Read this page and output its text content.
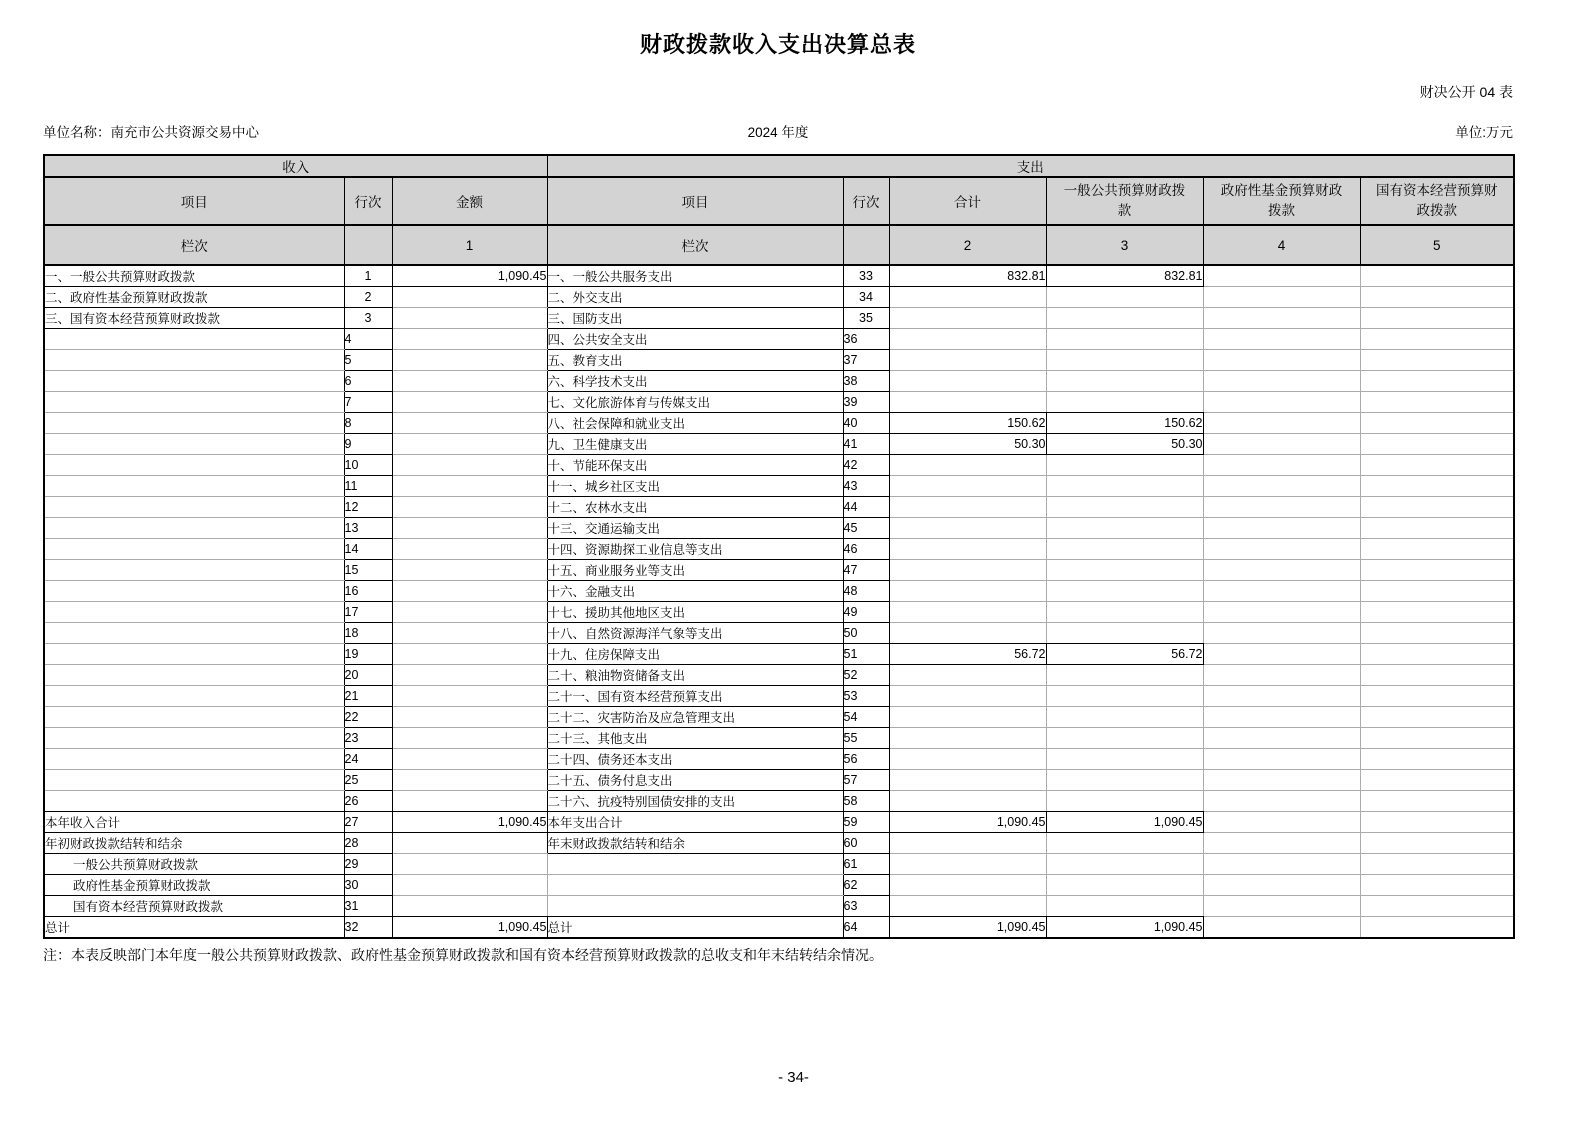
财政拨款收入支出决算总表
财决公开 04 表
单位名称：南充市公共资源交易中心	2024 年度	单位:万元
收入			支出					
项目	行次	金额	项目	行次	合计	一般公共预算财政拨款	政府性基金预算财政拨款	国有资本经营预算财政拨款
栏次		1	栏次		2	3	4	5
一、一般公共预算财政拨款	1	1,090.45	一、一般公共服务支出	33	832.81	832.81		
二、政府性基金预算财政拨款	2		二、外交支出	34				
三、国有资本经营预算财政拨款	3		三、国防支出	35				
	4		四、公共安全支出	36				
	5		五、教育支出	37				
	6		六、科学技术支出	38				
	7		七、文化旅游体育与传媒支出	39				
	8		八、社会保障和就业支出	40	150.62	150.62		
	9		九、卫生健康支出	41	50.30	50.30		
	10		十、节能环保支出	42				
	11		十一、城乡社区支出	43				
	12		十二、农林水支出	44				
	13		十三、交通运输支出	45				
	14		十四、资源勘探工业信息等支出	46				
	15		十五、商业服务业等支出	47				
	16		十六、金融支出	48				
	17		十七、援助其他地区支出	49				
	18		十八、自然资源海洋气象等支出	50				
	19		十九、住房保障支出	51	56.72	56.72		
	20		二十、粮油物资储备支出	52				
	21		二十一、国有资本经营预算支出	53				
	22		二十二、灾害防治及应急管理支出	54				
	23		二十三、其他支出	55				
	24		二十四、债务还本支出	56				
	25		二十五、债务付息支出	57				
	26		二十六、抗疫特别国债安排的支出	58				
本年收入合计	27	1,090.45	本年支出合计	59	1,090.45	1,090.45		
年初财政拨款结转和结余	28		年末财政拨款结转和结余	60				
一般公共预算财政拨款	29			61				
政府性基金预算财政拨款	30			62				
国有资本经营预算财政拨款	31			63				
总计	32	1,090.45	总计	64	1,090.45	1,090.45		
注：本表反映部门本年度一般公共预算财政拨款、政府性基金预算财政拨款和国有资本经营预算财政拨款的总收支和年末结转结余情况。
- 34-
